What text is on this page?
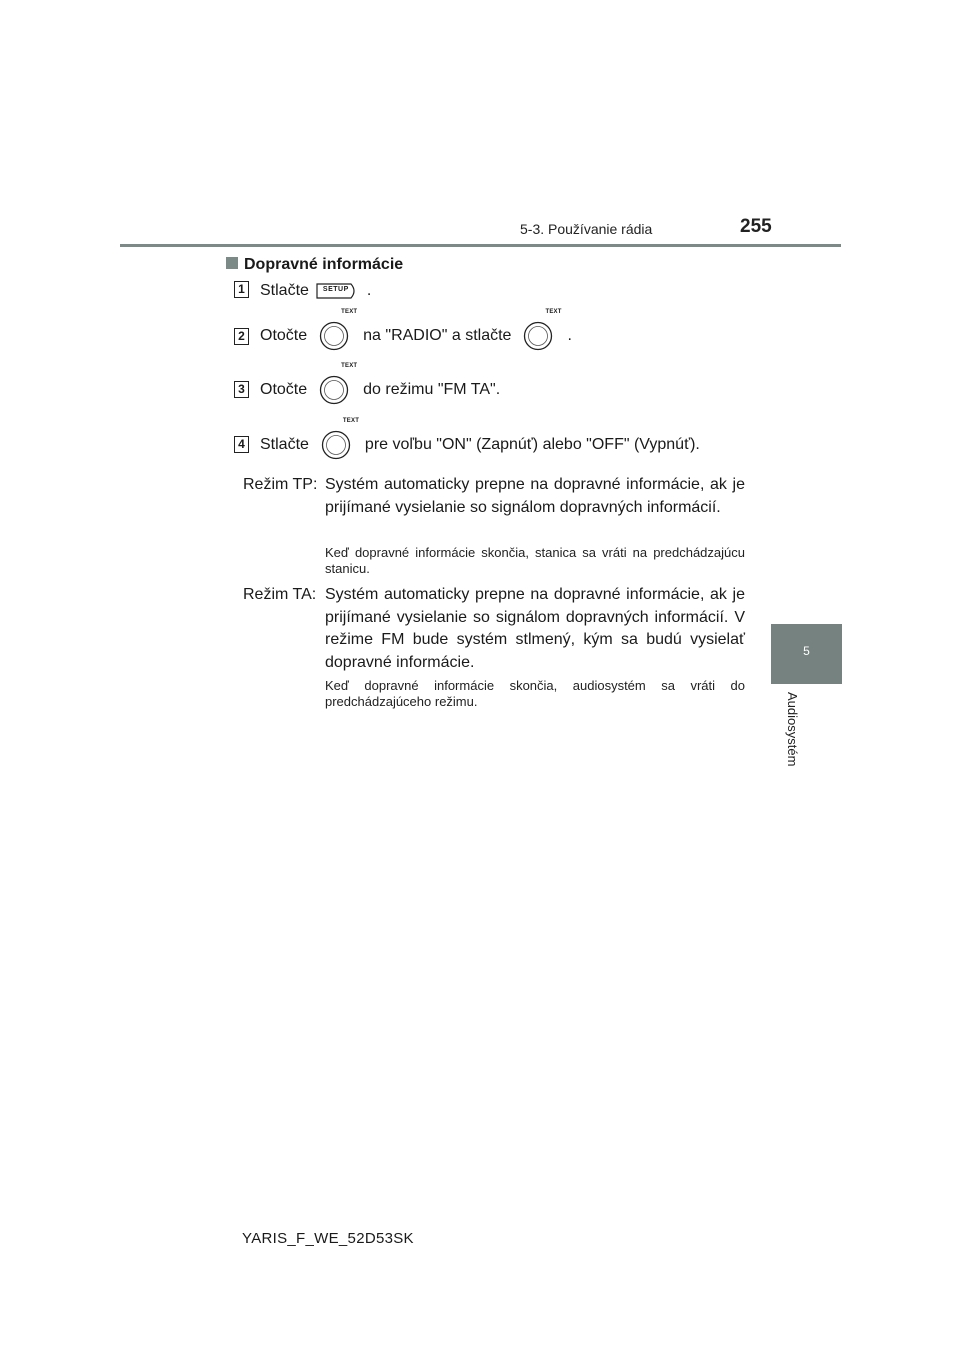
5-3. Používanie rádia	255
5
Audiosystém
Dopravné informácie
1 Stlačte SETUP .
2 Otočte
TEXT
na "RADIO" a stlačte
TEXT
.
3 Otočte
TEXT
do režimu "FM TA".
4 Stlačte
TEXT
pre voľbu "ON" (Zapnúť) alebo "OFF" (Vypnúť).
Režim TP: Systém automaticky prepne na dopravné informácie, ak je prijímané vysielanie so signálom dopravných informácií.
Keď dopravné informácie skončia, stanica sa vráti na predchádzajúcu stanicu.
Režim TA: Systém automaticky prepne na dopravné informácie, ak je prijímané vysielanie so signálom dopravných informácií. V režime FM bude systém stlmený, kým sa budú vysielať dopravné informácie.
Keď dopravné informácie skončia, audiosystém sa vráti do predchádzajúceho režimu.
YARIS_F_WE_52D53SK
